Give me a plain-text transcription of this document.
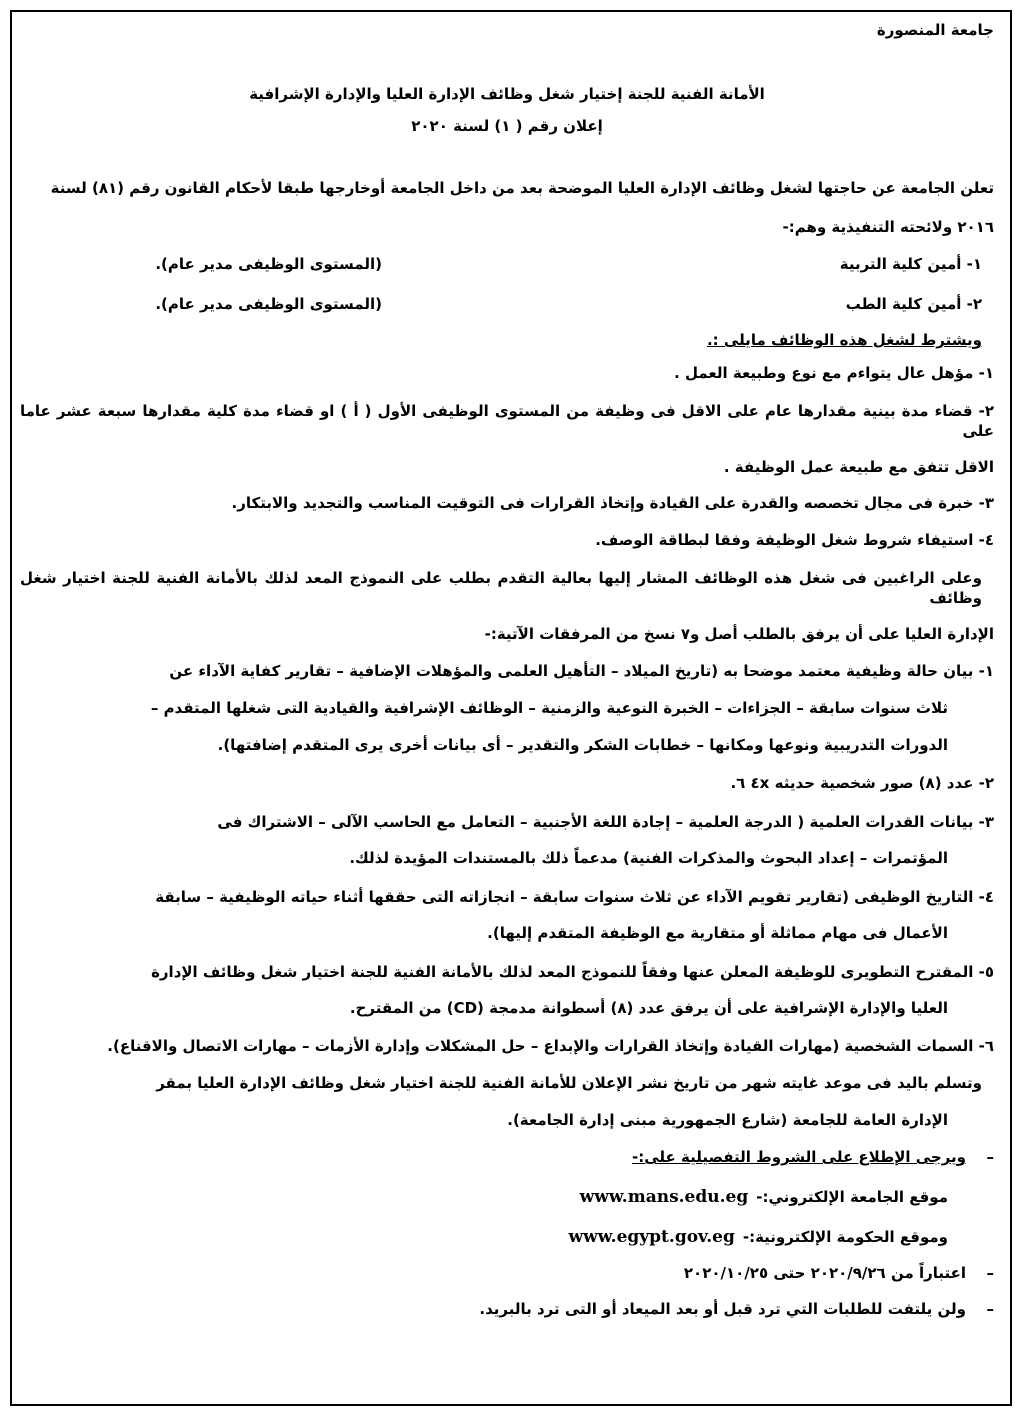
جامعة المنصورة

الأمانة الفنية للجنة إختيار شغل وظائف الإدارة العليا والإدارة الإشرافية

إعلان رقم ( ١) لسنة ٢٠٢٠

تعلن الجامعة عن حاجتها لشغل وظائف الإدارة العليا الموضحة بعد من داخل الجامعة أوخارجها طبقا لأحكام القانون رقم (٨١) لسنة

٢٠١٦ ولائحته التنفيذية وهم:-

١- أمين كلية التربية
(المستوى الوظيفى مدير عام).
٢- أمين كلية الطب
(المستوى الوظيفى مدير عام).

ويشترط لشغل هذه الوظائف مايلى :.

١- مؤهل عال يتواءم مع نوع وطبيعة العمل .

٢- قضاء مدة بينية مقدارها عام على الاقل فى وظيفة من المستوى الوظيفى الأول ( أ ) او قضاء مدة كلية مقدارها سبعة عشر عاما على

الاقل تتفق مع طبيعة عمل الوظيفة .

٣- خبرة فى مجال تخصصه والقدرة على القيادة وإتخاذ القرارات فى التوقيت المناسب والتجديد والابتكار.

٤- استيفاء شروط شغل الوظيفة وفقا لبطاقة الوصف.

وعلى الراغبين فى شغل هذه الوظائف المشار إليها بعالية التقدم بطلب على النموذج المعد لذلك بالأمانة الفنية للجنة اختيار شغل وظائف

الإدارة العليا على أن يرفق بالطلب أصل و٧ نسخ من المرفقات الآتية:-

١- بيان حالة وظيفية معتمد موضحا به (تاريخ الميلاد – التأهيل العلمى والمؤهلات الإضافية – تقارير كفاية الآداء عن

ثلاث سنوات سابقة – الجزاءات – الخبرة النوعية والزمنية – الوظائف الإشرافية والقيادية التى شغلها المتقدم –

الدورات التدريبية ونوعها ومكانها – خطابات الشكر والتقدير – أى بيانات أخرى يرى المتقدم إضافتها).

٢- عدد (٨) صور شخصية حديثه ٤x ٦.

٣- بيانات القدرات العلمية ( الدرجة العلمية – إجادة اللغة الأجنبية – التعامل مع الحاسب الآلى – الاشتراك فى

المؤتمرات – إعداد البحوث والمذكرات الفنية) مدعماً ذلك بالمستندات المؤيدة لذلك.

٤- التاريخ الوظيفى (تقارير تقويم الآداء عن ثلاث سنوات سابقة – انجازاته التى حققها أثناء حياته الوظيفية – سابقة

الأعمال فى مهام مماثلة أو متقارية مع الوظيفة المتقدم إليها).

٥- المقترح التطويرى للوظيفة المعلن عنها وفقاً للنموذج المعد لذلك بالأمانة الفنية للجنة اختيار شغل وظائف الإدارة

العليا والإدارة الإشرافية على أن يرفق عدد (٨) أسطوانة مدمجة (CD) من المقترح.

٦- السمات الشخصية (مهارات القيادة وإتخاذ القرارات والإبداع – حل المشكلات وإدارة الأزمات – مهارات الاتصال والاقناع).

وتسلم باليد فى موعد غايته شهر من تاريخ نشر الإعلان للأمانة الفنية للجنة اختيار شغل وظائف الإدارة العليا بمقر

الإدارة العامة للجامعة (شارع الجمهورية مبنى إدارة الجامعة).

–
ويرجى الإطلاع على الشروط التفصيلية على:-
موقع الجامعة الإلكتروني:-
www.mans.edu.eg
وموقع الحكومة الإلكترونية:-
www.egypt.gov.eg
–
اعتباراً من ٢٠٢٠/٩/٢٦ حتى ٢٠٢٠/١٠/٢٥
–
ولن يلتفت للطلبات التي ترد قبل أو بعد الميعاد أو التى ترد بالبريد.
